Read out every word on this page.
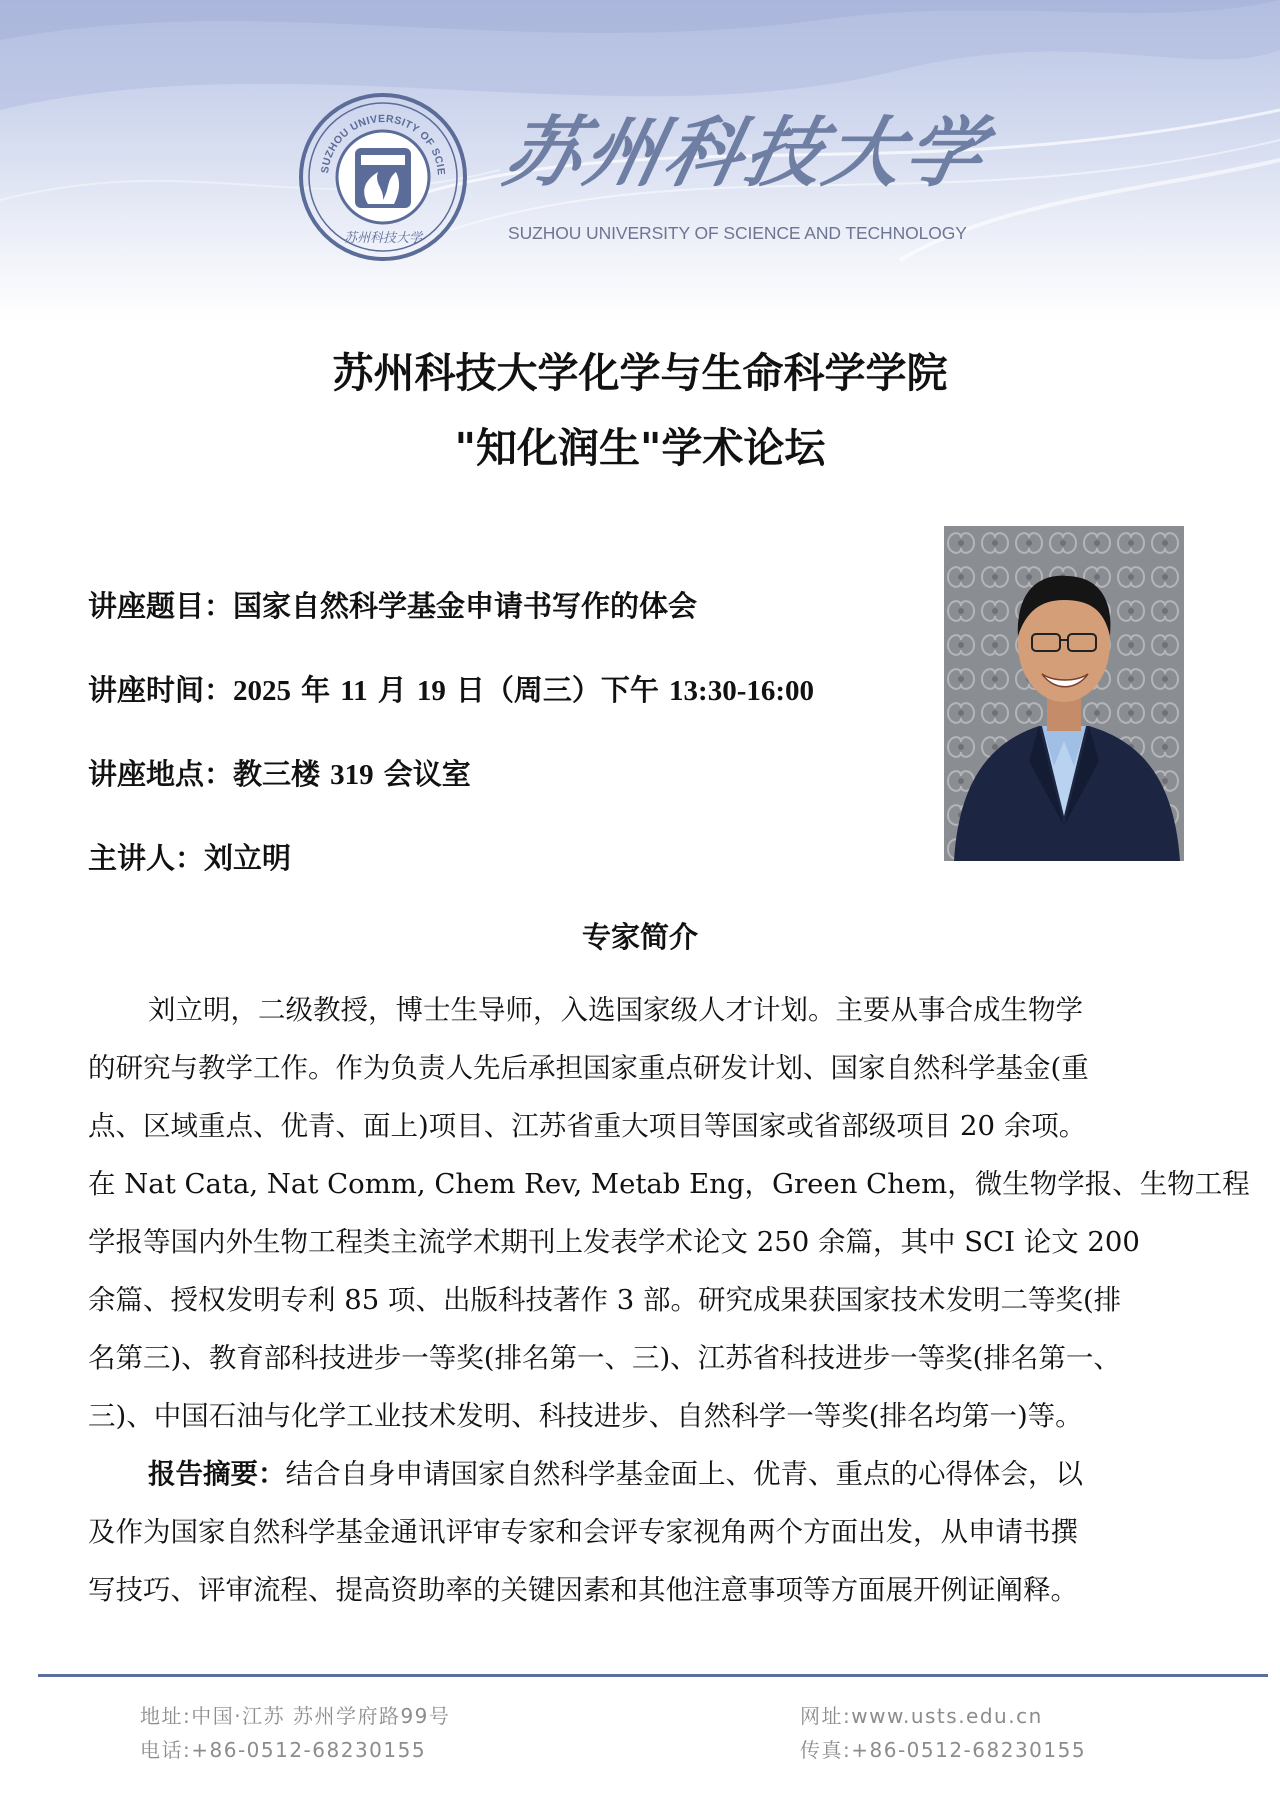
SUZHOU UNIVERSITY OF SCIE
苏州科技大学
苏州科技大学
SUZHOU UNIVERSITY OF SCIENCE AND TECHNOLOGY
苏州科技大学化学与生命科学学院
"知化润生"学术论坛
讲座题目：国家自然科学基金申请书写作的体会
讲座时间：2025 年 11 月 19 日（周三）下午 13:30-16:00
讲座地点：教三楼 319 会议室
主讲人：刘立明
专家简介
刘立明，二级教授，博士生导师，入选国家级人才计划。主要从事合成生物学
的研究与教学工作。作为负责人先后承担国家重点研发计划、国家自然科学基金(重
点、区域重点、优青、面上)项目、江苏省重大项目等国家或省部级项目 20 余项。
在 Nat Cata, Nat Comm, Chem Rev, Metab Eng，Green Chem，微生物学报、生物工程
学报等国内外生物工程类主流学术期刊上发表学术论文 250 余篇，其中 SCI 论文 200
余篇、授权发明专利 85 项、出版科技著作 3 部。研究成果获国家技术发明二等奖(排
名第三)、教育部科技进步一等奖(排名第一、三)、江苏省科技进步一等奖(排名第一、
三)、中国石油与化学工业技术发明、科技进步、自然科学一等奖(排名均第一)等。
报告摘要：结合自身申请国家自然科学基金面上、优青、重点的心得体会，以
及作为国家自然科学基金通讯评审专家和会评专家视角两个方面出发，从申请书撰
写技巧、评审流程、提高资助率的关键因素和其他注意事项等方面展开例证阐释。
地址:中国·江苏 苏州学府路99号
电话:+86-0512-68230155
网址:www.usts.edu.cn
传真:+86-0512-68230155
